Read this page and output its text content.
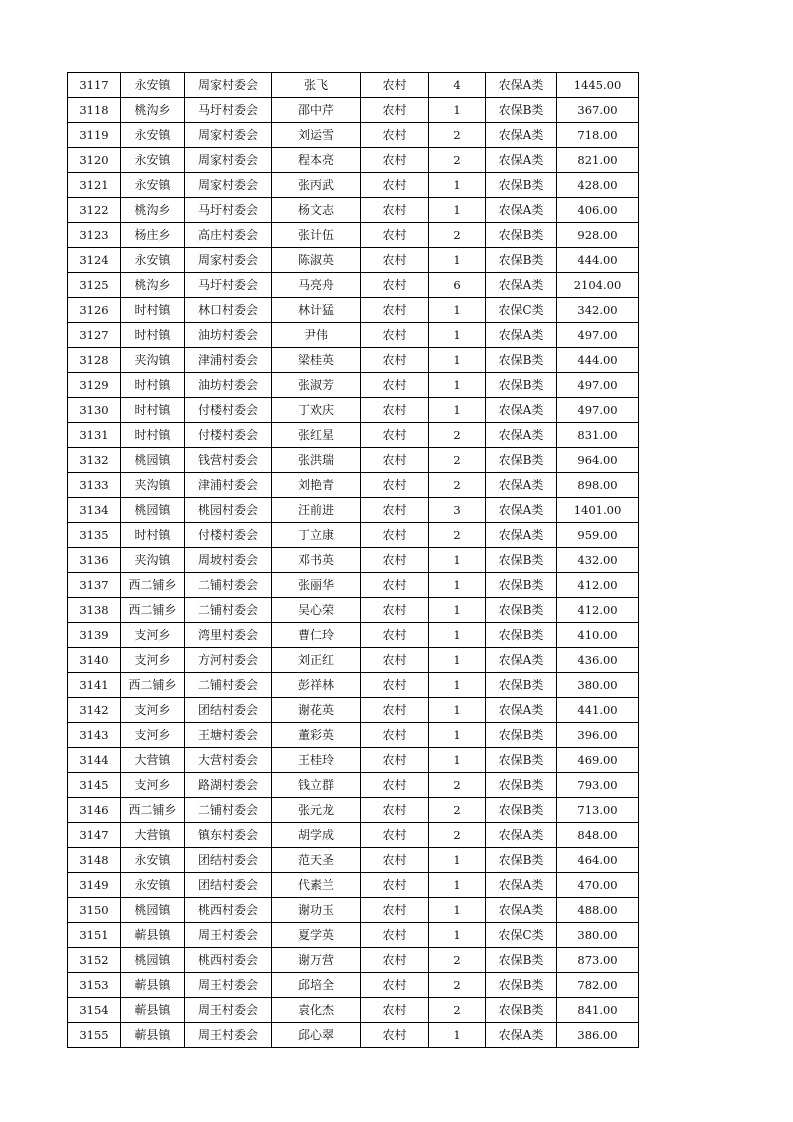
3117	永安镇	周家村委会	张飞	农村	4	农保A类	1445.00
3118	桃沟乡	马圩村委会	邵中芹	农村	1	农保B类	367.00
3119	永安镇	周家村委会	刘运雪	农村	2	农保A类	718.00
3120	永安镇	周家村委会	程本亮	农村	2	农保A类	821.00
3121	永安镇	周家村委会	张丙武	农村	1	农保B类	428.00
3122	桃沟乡	马圩村委会	杨文志	农村	1	农保A类	406.00
3123	杨庄乡	高庄村委会	张计伍	农村	2	农保B类	928.00
3124	永安镇	周家村委会	陈淑英	农村	1	农保B类	444.00
3125	桃沟乡	马圩村委会	马亮舟	农村	6	农保A类	2104.00
3126	时村镇	林口村委会	林计猛	农村	1	农保C类	342.00
3127	时村镇	油坊村委会	尹伟	农村	1	农保A类	497.00
3128	夹沟镇	津浦村委会	梁桂英	农村	1	农保B类	444.00
3129	时村镇	油坊村委会	张淑芳	农村	1	农保B类	497.00
3130	时村镇	付楼村委会	丁欢庆	农村	1	农保A类	497.00
3131	时村镇	付楼村委会	张红星	农村	2	农保A类	831.00
3132	桃园镇	钱营村委会	张洪瑞	农村	2	农保B类	964.00
3133	夹沟镇	津浦村委会	刘艳青	农村	2	农保A类	898.00
3134	桃园镇	桃园村委会	汪前进	农村	3	农保A类	1401.00
3135	时村镇	付楼村委会	丁立康	农村	2	农保A类	959.00
3136	夹沟镇	周坡村委会	邓书英	农村	1	农保B类	432.00
3137	西二铺乡	二铺村委会	张丽华	农村	1	农保B类	412.00
3138	西二铺乡	二铺村委会	吴心荣	农村	1	农保B类	412.00
3139	支河乡	湾里村委会	曹仁玲	农村	1	农保B类	410.00
3140	支河乡	方河村委会	刘正红	农村	1	农保A类	436.00
3141	西二铺乡	二铺村委会	彭祥林	农村	1	农保B类	380.00
3142	支河乡	团结村委会	谢花英	农村	1	农保A类	441.00
3143	支河乡	王塘村委会	董彩英	农村	1	农保B类	396.00
3144	大营镇	大营村委会	王桂玲	农村	1	农保B类	469.00
3145	支河乡	路湖村委会	钱立群	农村	2	农保B类	793.00
3146	西二铺乡	二铺村委会	张元龙	农村	2	农保B类	713.00
3147	大营镇	镇东村委会	胡学成	农村	2	农保A类	848.00
3148	永安镇	团结村委会	范天圣	农村	1	农保B类	464.00
3149	永安镇	团结村委会	代素兰	农村	1	农保A类	470.00
3150	桃园镇	桃西村委会	谢功玉	农村	1	农保A类	488.00
3151	蕲县镇	周王村委会	夏学英	农村	1	农保C类	380.00
3152	桃园镇	桃西村委会	谢万营	农村	2	农保B类	873.00
3153	蕲县镇	周王村委会	邱培全	农村	2	农保B类	782.00
3154	蕲县镇	周王村委会	袁化杰	农村	2	农保B类	841.00
3155	蕲县镇	周王村委会	邱心翠	农村	1	农保A类	386.00
